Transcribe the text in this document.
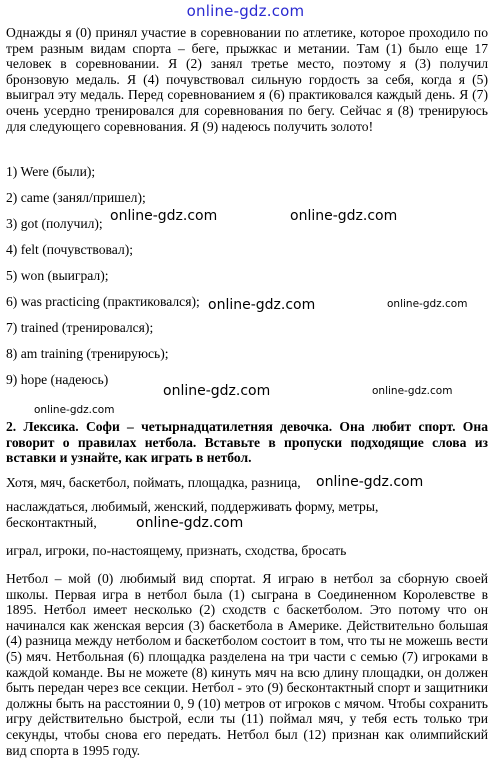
online-gdz.com

Однажды я (0) принял участие в соревновании по атлетике, которое проходило по трем разным видам спорта – беге, прыжкас и метании. Там (1) было еще 17 человек в соревновании. Я (2) занял третье место, поэтому я (3) получил бронзовую медаль. Я (4) почувствовал сильную гордость за себя, когда я (5) выиграл эту медаль. Перед соревнованием я (6) практиковался каждый день. Я (7) очень усердно тренировался для соревнования по бегу. Сейчас я (8) тренируюсь для следующего соревнования. Я (9) надеюсь получить золото!

1) Were (были);
2) came (занял/пришел);
3) got (получил);
4) felt (почувствовал);
5) won (выиграл);
6) was practicing (практиковался);
7) trained (тренировался);
8) am training (тренируюсь);
9) hope (надеюсь)
online-gdz.com	online-gdz.com
online-gdz.com	online-gdz.com
online-gdz.com	online-gdz.com
online-gdz.com

2. Лексика. Софи – четырнадцатилетняя девочка. Она любит спорт. Она говорит о правилах нетбола. Вставьте в пропуски подходящие слова из вставки и узнайте, как играть в нетбол.

Хотя, мяч, баскетбол, поймать, площадка, разница, online-gdz.com
наслаждаться, любимый, женский, поддерживать форму, метры,
бесконтактный,	online-gdz.com
играл, игроки, по-настоящему, признать, сходства, бросать

Нетбол – мой (0) любимый вид спортat. Я играю в нетбол за сборную своей школы. Первая игра в нетбол была (1) сыграна в Соединенном Королевстве в 1895. Нетбол имеет несколько (2) сходств с баскетболом. Это потому что он начинался как женская версия (3) баскетбола в Америке. Действительно большая (4) разница между нетболом и баскетболом состоит в том, что ты не можешь вести (5) мяч. Нетбольная (6) площадка разделена на три части с семью (7) игроками в каждой команде. Вы не можете (8) кинуть мяч на всю длину площадки, он должен быть передан через все секции. Нетбол - это (9) бесконтактный спорт и защитники должны быть на расстоянии 0, 9 (10) метров от игроков с мячом. Чтобы сохранить игру действительно быстрой, если ты (11) поймал мяч, у тебя есть только три секунды, чтобы снова его передать. Нетбол был (12) признан как олимпийский вид спорта в 1995 году.
